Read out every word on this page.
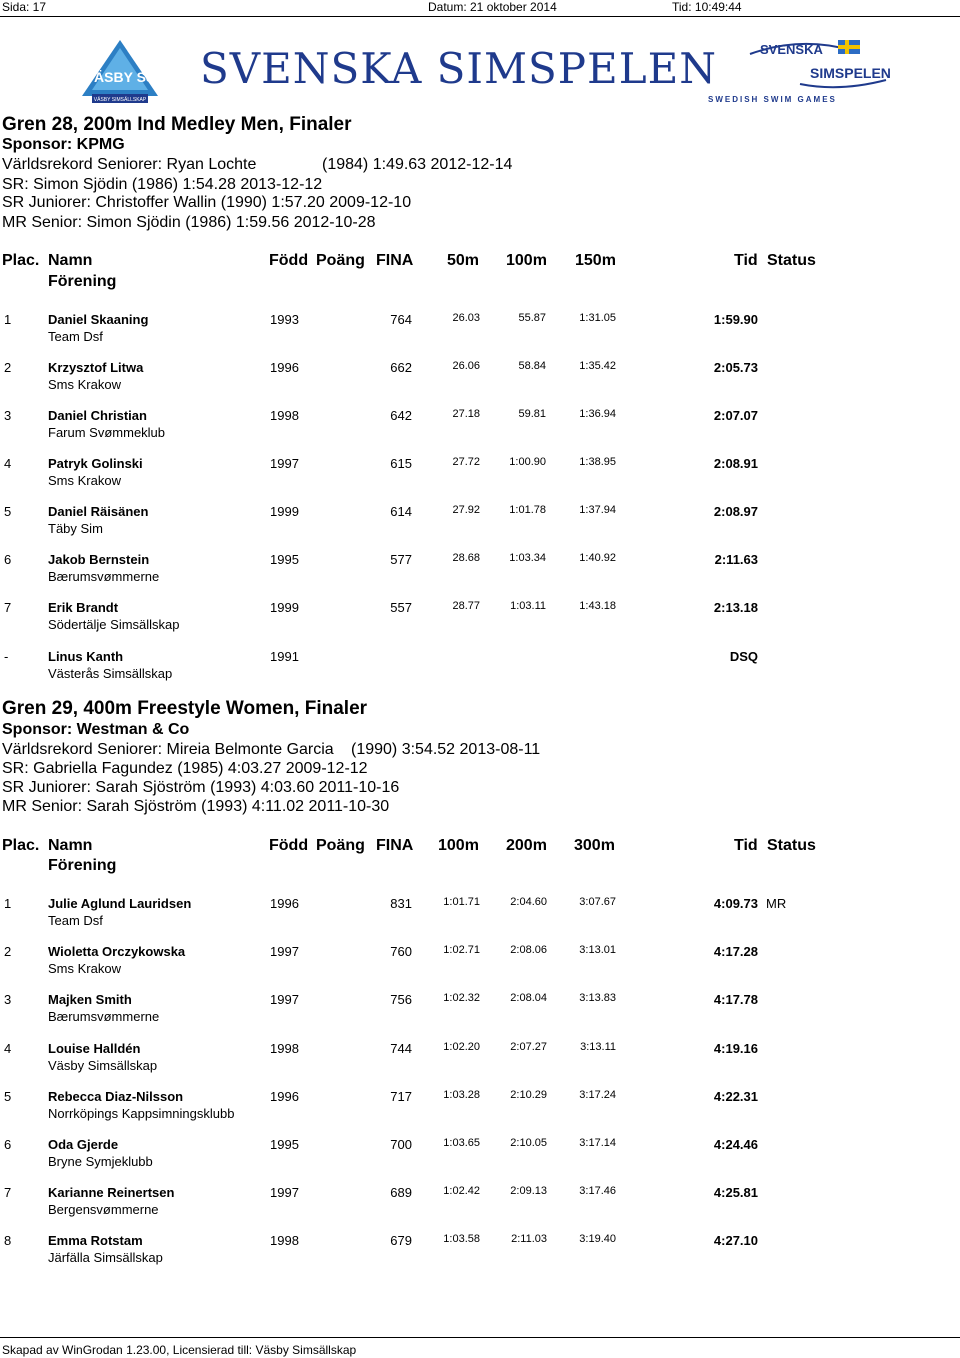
Sida: 17	Datum: 21 oktober 2014	Tid: 10:49:44
VÄSBY SS
VÄSBY SIMSÄLLSKAP
SVENSKA SIMSPELEN	SVENSKA
SIMSPELEN
SWEDISH SWIM GAMES
Gren 28, 200m Ind Medley Men, Finaler
Sponsor: KPMG
Världsrekord Seniorer: Ryan Lochte	(1984) 1:49.63 2012-12-14
SR: Simon Sjödin (1986) 1:54.28 2013-12-12
SR Juniorer: Christoffer Wallin (1990) 1:57.20 2009-12-10
MR Senior: Simon Sjödin (1986) 1:59.56 2012-10-28
Plac. Namn
Förening
Född Poäng FINA 50m 100m 150m	Tid Status
1	Daniel Skaaning
Team Dsf
1993	764	26.03	55.87	1:31.05	1:59.90
2	Krzysztof Litwa
Sms Krakow
1996	662	26.06	58.84	1:35.42	2:05.73
3	Daniel Christian
Farum Svømmeklub
1998	642	27.18	59.81	1:36.94	2:07.07
4	Patryk Golinski
Sms Krakow
1997	615	27.72	1:00.90	1:38.95	2:08.91
5	Daniel Räisänen
Täby Sim
1999	614	27.92	1:01.78	1:37.94	2:08.97
6	Jakob Bernstein
Bærumsvømmerne
1995	577	28.68	1:03.34	1:40.92	2:11.63
7	Erik Brandt
Södertälje Simsällskap
1999	557	28.77	1:03.11	1:43.18	2:13.18
-	Linus Kanth
Västerås Simsällskap
1991	DSQ
Gren 29, 400m Freestyle Women, Finaler
Sponsor: Westman & Co
Världsrekord Seniorer: Mireia Belmonte Garcia (1990) 3:54.52 2013-08-11
SR: Gabriella Fagundez (1985) 4:03.27 2009-12-12
SR Juniorer: Sarah Sjöström (1993) 4:03.60 2011-10-16
MR Senior: Sarah Sjöström (1993) 4:11.02 2011-10-30
Plac. Namn
Förening
Född Poäng FINA 100m 200m 300m	Tid Status
1	Julie Aglund Lauridsen
Team Dsf
1996	831	1:01.71	2:04.60	3:07.67	4:09.73 MR
2	Wioletta Orczykowska
Sms Krakow
1997	760	1:02.71	2:08.06	3:13.01	4:17.28
3	Majken Smith
Bærumsvømmerne
1997	756	1:02.32	2:08.04	3:13.83	4:17.78
4	Louise Halldén
Väsby Simsällskap
1998	744	1:02.20	2:07.27	3:13.11	4:19.16
5	Rebecca Diaz-Nilsson
Norrköpings Kappsimningsklubb
1996	717	1:03.28	2:10.29	3:17.24	4:22.31
6	Oda Gjerde
Bryne Symjeklubb
1995	700	1:03.65	2:10.05	3:17.14	4:24.46
7	Karianne Reinertsen
Bergensvømmerne
1997	689	1:02.42	2:09.13	3:17.46	4:25.81
8	Emma Rotstam
Järfälla Simsällskap
1998	679	1:03.58	2:11.03	3:19.40	4:27.10
Skapad av WinGrodan 1.23.00, Licensierad till: Väsby Simsällskap
